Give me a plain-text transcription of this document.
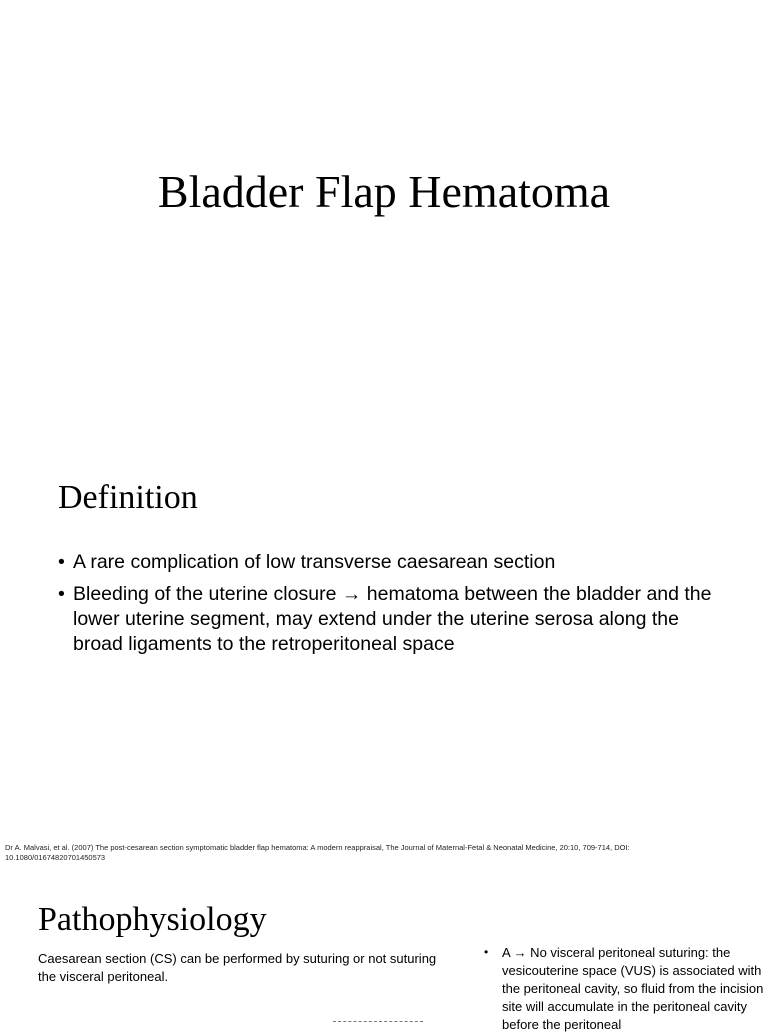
Bladder Flap Hematoma
Definition
• A rare complication of low transverse caesarean section
• Bleeding of the uterine closure → hematoma between the bladder and the lower uterine segment, may extend under the uterine serosa along the broad ligaments to the retroperitoneal space
Dr A. Malvasi, et al. (2007) The post-cesarean section symptomatic bladder flap hematoma: A modern reappraisal, The Journal of Maternal-Fetal & Neonatal Medicine, 20:10, 709-714, DOI: 10.1080/01674820701450573
Pathophysiology
Caesarean section (CS) can be performed by suturing or not suturing the visceral peritoneal.
• A → No visceral peritoneal suturing: the vesicouterine space (VUS) is associated with the peritoneal cavity, so fluid from the incision site will accumulate in the peritoneal cavity before the peritoneal
